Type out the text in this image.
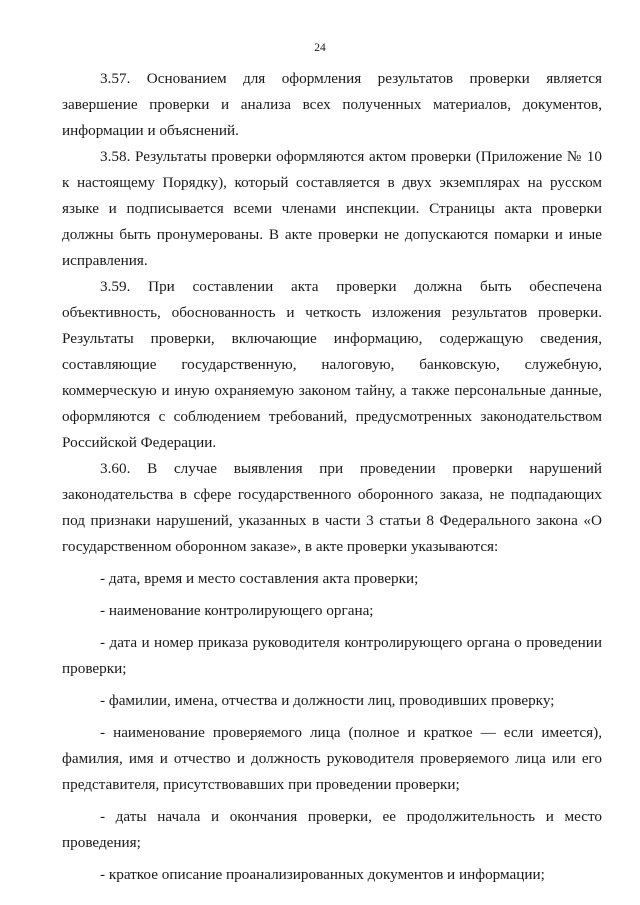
24

3.57. Основанием для оформления результатов проверки является завершение проверки и анализа всех полученных материалов, документов, информации и объяснений.

3.58. Результаты проверки оформляются актом проверки (Приложение № 10 к настоящему Порядку), который составляется в двух экземплярах на русском языке и подписывается всеми членами инспекции. Страницы акта проверки должны быть пронумерованы. В акте проверки не допускаются помарки и иные исправления.

3.59. При составлении акта проверки должна быть обеспечена объективность, обоснованность и четкость изложения результатов проверки. Результаты проверки, включающие информацию, содержащую сведения, составляющие государственную, налоговую, банковскую, служебную, коммерческую и иную охраняемую законом тайну, а также персональные данные, оформляются с соблюдением требований, предусмотренных законодательством Российской Федерации.

3.60. В случае выявления при проведении проверки нарушений законодательства в сфере государственного оборонного заказа, не подпадающих под признаки нарушений, указанных в части 3 статьи 8 Федерального закона «О государственном оборонном заказе», в акте проверки указываются:

- дата, время и место составления акта проверки;

- наименование контролирующего органа;

- дата и номер приказа руководителя контролирующего органа о проведении проверки;

- фамилии, имена, отчества и должности лиц, проводивших проверку;

- наименование проверяемого лица (полное и краткое — если имеется), фамилия, имя и отчество и должность руководителя проверяемого лица или его представителя, присутствовавших при проведении проверки;

- даты начала и окончания проверки, ее продолжительность и место проведения;

- краткое описание проанализированных документов и информации;
